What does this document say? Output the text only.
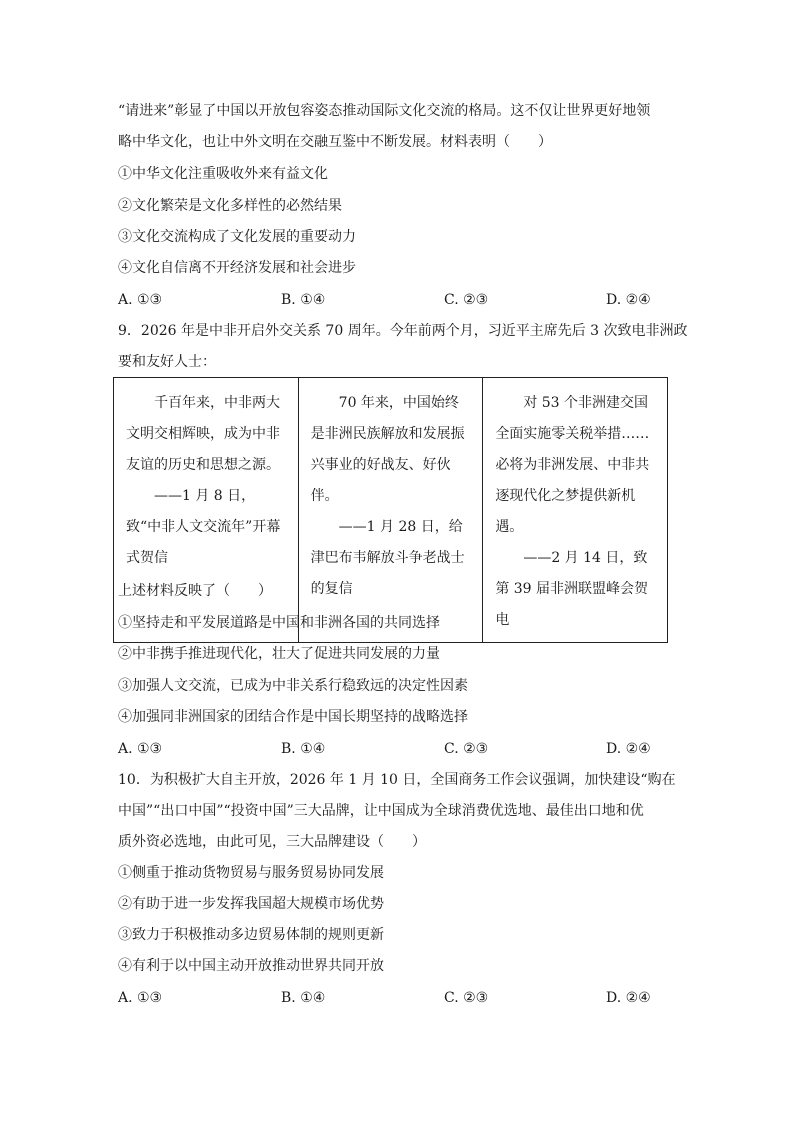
“请进来”彰显了中国以开放包容姿态推动国际文化交流的格局。这不仅让世界更好地领
略中华文化，也让中外文明在交融互鉴中不断发展。材料表明（　　）
①中华文化注重吸收外来有益文化
②文化繁荣是文化多样性的必然结果
③文化交流构成了文化发展的重要动力
④文化自信离不开经济发展和社会进步
A. ①③	B. ①④	C. ②③	D. ②④
9．2026 年是中非开启外交关系 70 周年。今年前两个月，习近平主席先后 3 次致电非洲政
要和友好人士：
千百年来，中非两大文明交相辉映，成为中非友谊的历史和思想之源。
——1 月 8 日，致“中非人文交流年”开幕式贺信

70 年来，中国始终是非洲民族解放和发展振兴事业的好战友、好伙伴。
——1 月 28 日，给津巴布韦解放斗争老战士的复信

对 53 个非洲建交国全面实施零关税举措……必将为非洲发展、中非共逐现代化之梦提供新机遇。
——2 月 14 日，致第 39 届非洲联盟峰会贺电
上述材料反映了（　　）
①坚持走和平发展道路是中国和非洲各国的共同选择
②中非携手推进现代化，壮大了促进共同发展的力量
③加强人文交流，已成为中非关系行稳致远的决定性因素
④加强同非洲国家的团结合作是中国长期坚持的战略选择
A. ①③	B. ①④	C. ②③	D. ②④
10．为积极扩大自主开放，2026 年 1 月 10 日，全国商务工作会议强调，加快建设“购在
中国”“出口中国”“投资中国”三大品牌，让中国成为全球消费优选地、最佳出口地和优
质外资必选地，由此可见，三大品牌建设（　　）
①侧重于推动货物贸易与服务贸易协同发展
②有助于进一步发挥我国超大规模市场优势
③致力于积极推动多边贸易体制的规则更新
④有利于以中国主动开放推动世界共同开放
A. ①③	B. ①④	C. ②③	D. ②④
